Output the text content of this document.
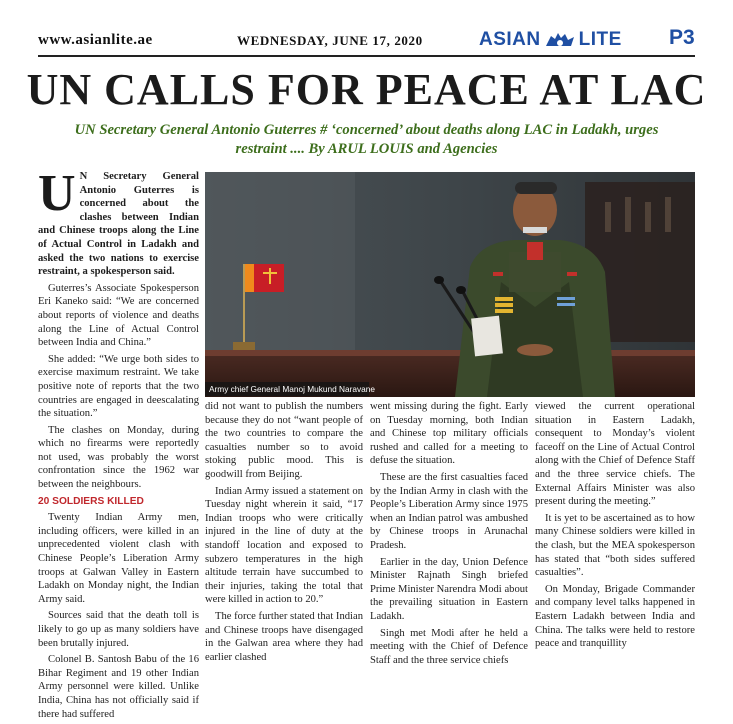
www.asianlite.ae	WEDNESDAY, JUNE 17, 2020	ASIAN LITE P3
UN CALLS FOR PEACE AT LAC
UN Secretary General Antonio Guterres # ‘concerned’ about deaths along LAC in Ladakh, urges restraint .... By ARUL LOUIS and Agencies

U N Secretary General Antonio Guterres is concerned about the clashes between Indian and Chinese troops along the Line of Actual Control in Ladakh and asked the two nations to exercise restraint, a spokesperson said.

Guterres’s Associate Spokesperson Eri Kaneko said: “We are concerned about reports of violence and deaths along the Line of Actual Control between India and China.”

She added: “We urge both sides to exercise maximum restraint. We take positive note of reports that the two countries are engaged in deescalating the situation.”

The clashes on Monday, during which no firearms were reportedly not used, was probably the worst confrontation since the 1962 war between the neighbours.

20 SOLDIERS KILLED

Twenty Indian Army men, including officers, were killed in an unprecedented violent clash with Chinese People’s Liberation Army troops at Galwan Valley in Eastern Ladakh on Monday night, the Indian Army said.

Sources said that the death toll is likely to go up as many soldiers have been brutally injured.

Colonel B. Santosh Babu of the 16 Bihar Regiment and 19 other Indian Army personnel were killed. Unlike India, China has not officially said if there had suffered

Army chief General Manoj Mukund Naravane

did not want to publish the numbers because they do not “want people of the two countries to compare the casualties number so to avoid stoking public mood. This is goodwill from Beijing.

Indian Army issued a statement on Tuesday night wherein it said, “17 Indian troops who were critically injured in the line of duty at the standoff location and exposed to subzero temperatures in the high altitude terrain have succumbed to their injuries, taking the total that were killed in action to 20.”

The force further stated that Indian and Chinese troops have disengaged in the Galwan area where they had earlier clashed

went missing during the fight. Early on Tuesday morning, both Indian and Chinese top military officials rushed and called for a meeting to defuse the situation.

These are the first casualties faced by the Indian Army in clash with the People’s Liberation Army since 1975 when an Indian patrol was ambushed by Chinese troops in Arunachal Pradesh.

Earlier in the day, Union Defence Minister Rajnath Singh briefed Prime Minister Narendra Modi about the prevailing situation in Eastern Ladakh.

Singh met Modi after he held a meeting with the Chief of Defence Staff and the three service chiefs

viewed the current operational situation in Eastern Ladakh, consequent to Monday’s violent faceoff on the Line of Actual Control along with the Chief of Defence Staff and the three service chiefs. The External Affairs Minister was also present during the meeting.”

It is yet to be ascertained as to how many Chinese soldiers were killed in the clash, but the MEA spokesperson has stated that “both sides suffered casualties”.

On Monday, Brigade Commander and company level talks happened in Eastern Ladakh between India and China. The talks were held to restore peace and tranquillity
